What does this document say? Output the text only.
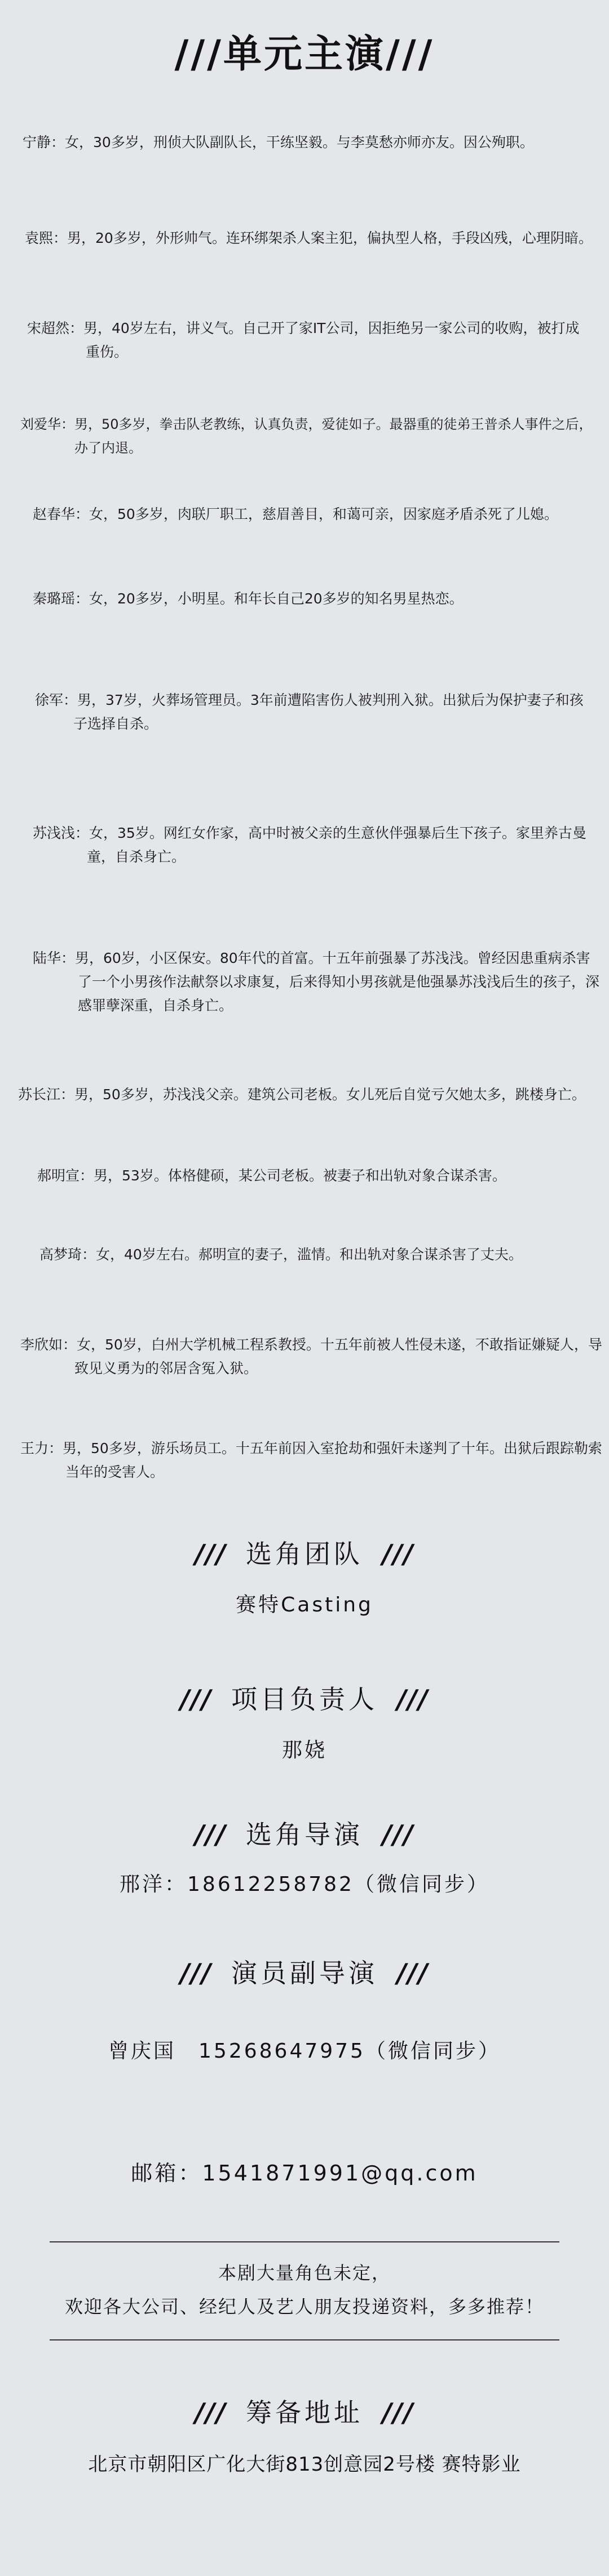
///单元主演///
宁静：女，30多岁，刑侦大队副队长，干练坚毅。与李莫愁亦师亦友。因公殉职。
袁熙：男，20多岁，外形帅气。连环绑架杀人案主犯，偏执型人格，手段凶残，心理阴暗。
宋超然：男，40岁左右，讲义气。自己开了家IT公司，因拒绝另一家公司的收购，被打成重伤。
刘爱华：男，50多岁，拳击队老教练，认真负责，爱徒如子。最器重的徒弟王普杀人事件之后，办了内退。
赵春华：女，50多岁，肉联厂职工，慈眉善目，和蔼可亲，因家庭矛盾杀死了儿媳。
秦璐瑶：女，20多岁，小明星。和年长自己20多岁的知名男星热恋。
徐军：男，37岁，火葬场管理员。3年前遭陷害伤人被判刑入狱。出狱后为保护妻子和孩子选择自杀。
苏浅浅：女，35岁。网红女作家，高中时被父亲的生意伙伴强暴后生下孩子。家里养古曼童，自杀身亡。
陆华：男，60岁，小区保安。80年代的首富。十五年前强暴了苏浅浅。曾经因患重病杀害了一个小男孩作法献祭以求康复，后来得知小男孩就是他强暴苏浅浅后生的孩子，深感罪孽深重，自杀身亡。
苏长江：男，50多岁，苏浅浅父亲。建筑公司老板。女儿死后自觉亏欠她太多，跳楼身亡。
郝明宣：男，53岁。体格健硕，某公司老板。被妻子和出轨对象合谋杀害。
高梦琦：女，40岁左右。郝明宣的妻子，滥情。和出轨对象合谋杀害了丈夫。
李欣如：女，50岁，白州大学机械工程系教授。十五年前被人性侵未遂，不敢指证嫌疑人，导致见义勇为的邻居含冤入狱。
王力：男，50多岁，游乐场员工。十五年前因入室抢劫和强奸未遂判了十年。出狱后跟踪勒索当年的受害人。
/// 选角团队 ///
赛特Casting
/// 项目负责人 ///
那娆
/// 选角导演 ///
邢洋：18612258782（微信同步）
/// 演员副导演 ///
曾庆国　15268647975（微信同步）
邮箱：1541871991@qq.com
本剧大量角色未定，
欢迎各大公司、经纪人及艺人朋友投递资料，多多推荐！
/// 筹备地址 ///
北京市朝阳区广化大街813创意园2号楼 赛特影业
